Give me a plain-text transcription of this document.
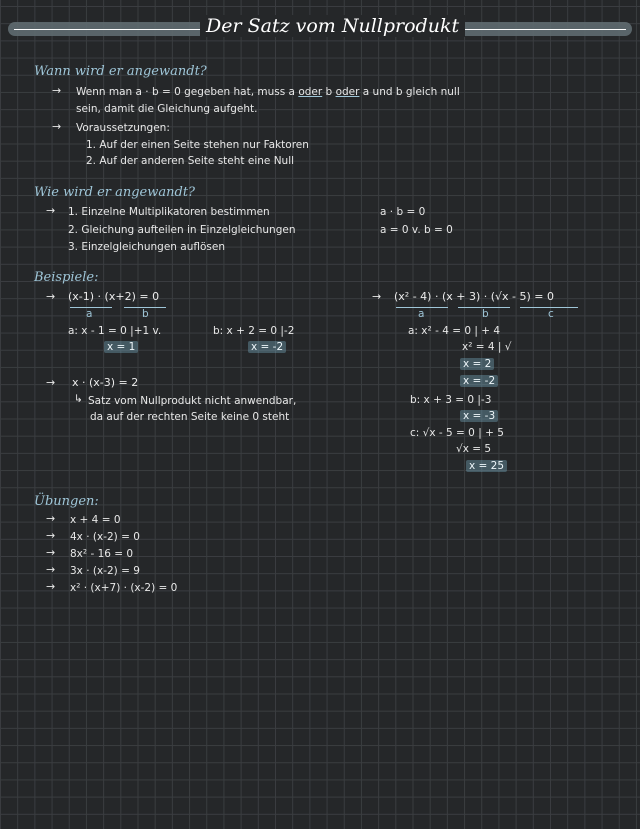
Der Satz vom Nullprodukt
Wann wird er angewandt?
→ Wenn man a · b = 0 gegeben hat, muss a oder b oder a und b gleich null
sein, damit die Gleichung aufgeht.
→ Voraussetzungen:
1. Auf der einen Seite stehen nur Faktoren
2. Auf der anderen Seite steht eine Null
Wie wird er angewandt?
→ 1. Einzelne Multiplikatoren bestimmen
2. Gleichung aufteilen in Einzelgleichungen
3. Einzelgleichungen auflösen
a · b = 0
a = 0 v. b = 0
Beispiele:
→ (x-1) · (x+2) = 0
a	b
a: x - 1 = 0 |+1 v.
x = 1
b: x + 2 = 0 |-2
x = -2
→ x · (x-3) = 2
↳ Satz vom Nullprodukt nicht anwendbar,
da auf der rechten Seite keine 0 steht
→ (x² - 4) · (x + 3) · (√x - 5) = 0
a	b	c
a: x² - 4 = 0 | + 4
x² = 4 | √
x = 2
x = -2
b: x + 3 = 0 |-3
x = -3
c: √x - 5 = 0 | + 5
√x = 5
x = 25
Übungen:
→ x + 4 = 0
→ 4x · (x-2) = 0
→ 8x² - 16 = 0
→ 3x · (x-2) = 9
→ x² · (x+7) · (x-2) = 0
